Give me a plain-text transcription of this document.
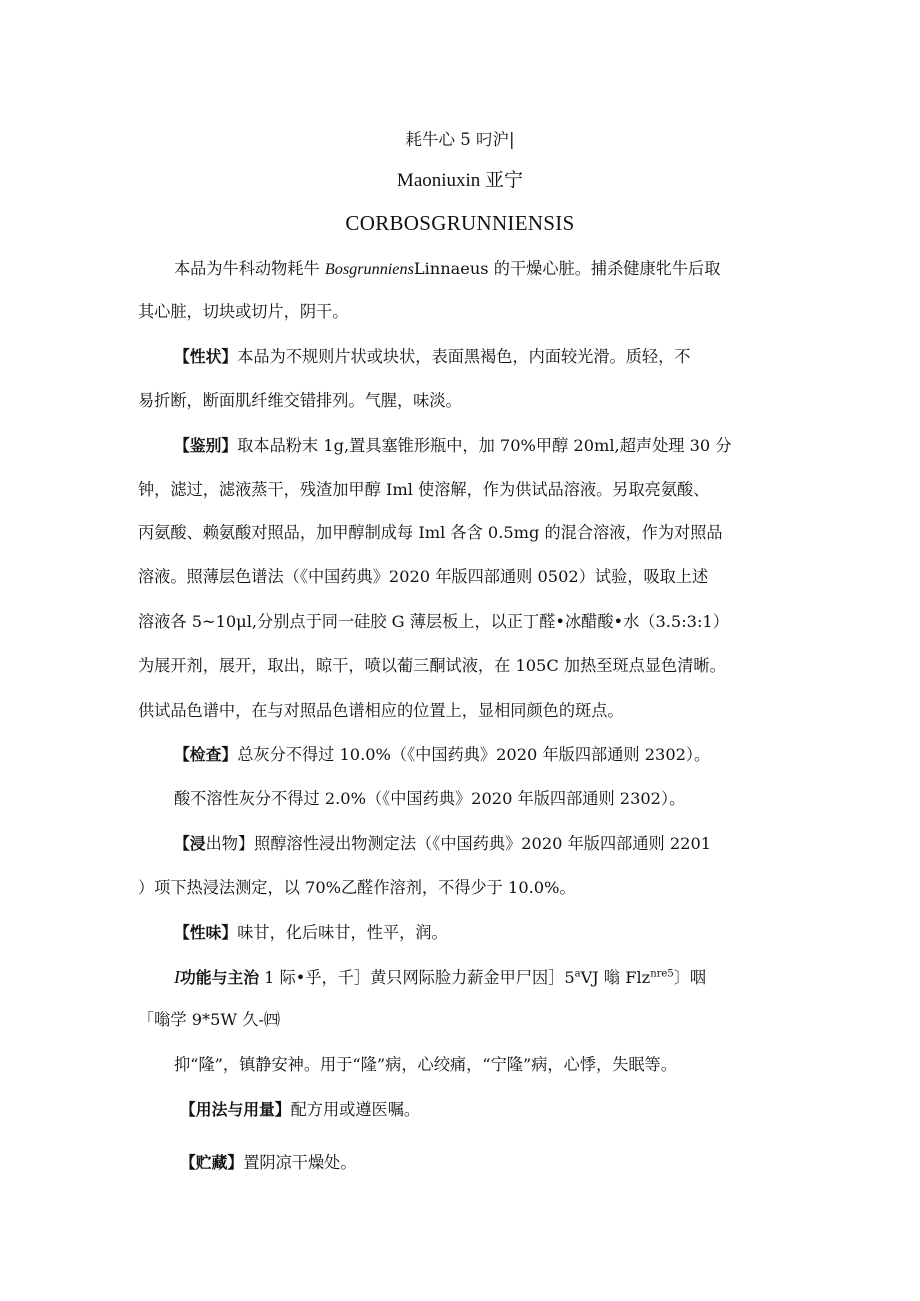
耗牛心 5 叼沪|
Maoniuxin 亚宁
CORBOSGRUNNIENSIS
本品为牛科动物耗牛 BosgrunniensLinnaeus 的干燥心脏。捕杀健康牝牛后取
其心脏，切块或切片，阴干。
【性状】本品为不规则片状或块状，表面黑褐色，内面较光滑。质轻，不
易折断，断面肌纤维交错排列。气腥，味淡。
【鉴别】取本品粉末 1g,置具塞锥形瓶中，加 70%甲醇 20ml,超声处理 30 分
钟，滤过，滤液蒸干，残渣加甲醇 Iml 使溶解，作为供试品溶液。另取亮氨酸、
丙氨酸、赖氨酸对照品，加甲醇制成每 Iml 各含 0.5mg 的混合溶液，作为对照品
溶液。照薄层色谱法（《中国药典》2020 年版四部通则 0502）试验，吸取上述
溶液各 5~10μl,分别点于同一硅胶 G 薄层板上，以正丁醛•冰醋酸•水（3.5:3:1）
为展开剂，展开，取出，晾干，喷以葡三酮试液，在 105C 加热至斑点显色清晰。
供试品色谱中，在与对照品色谱相应的位置上，显相同颜色的斑点。
【检查】总灰分不得过 10.0%（《中国药典》2020 年版四部通则 2302）。
酸不溶性灰分不得过 2.0%（《中国药典》2020 年版四部通则 2302）。
【浸出物】照醇溶性浸出物测定法（《中国药典》2020 年版四部通则 2201
）项下热浸法测定，以 70%乙醛作溶剂，不得少于 10.0%。
【性味】味甘，化后味甘，性平，润。
I功能与主治 1 际•乎，千］黄只网际脸力薪金甲尸因］5$^a$VJ 嗡 Flz$^{nre5}$〕咽
「嗡学 9*5W 久-㈣
抑“隆”，镇静安神。用于“隆”病，心绞痛，“宁隆”病，心悸，失眠等。
【用法与用量】配方用或遵医嘱。
【贮藏】置阴凉干燥处。
